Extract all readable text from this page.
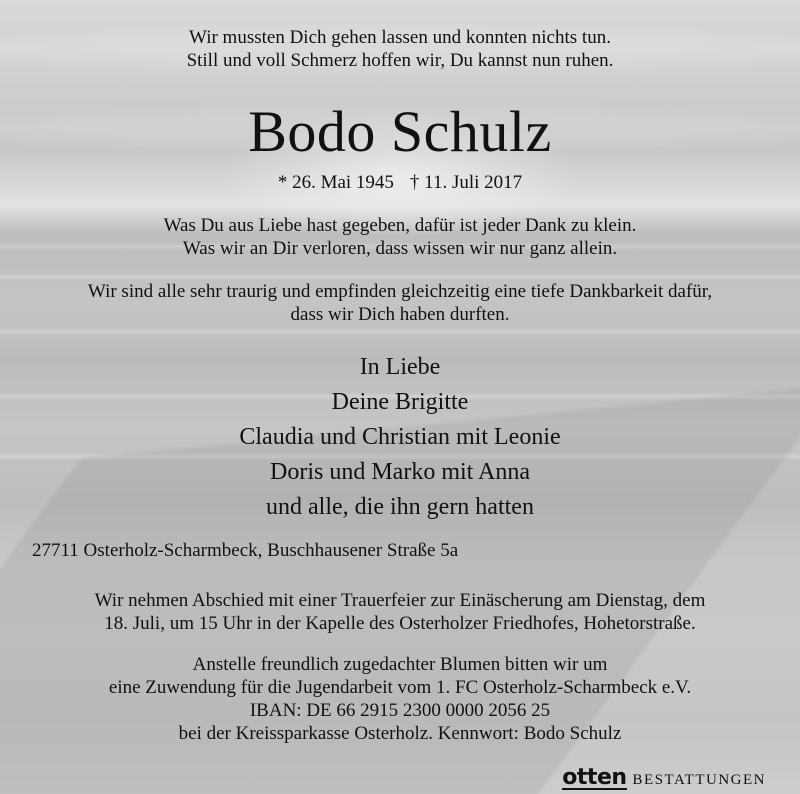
Wir mussten Dich gehen lassen und konnten nichts tun.
Still und voll Schmerz hoffen wir, Du kannst nun ruhen.
Bodo Schulz
* 26. Mai 1945 † 11. Juli 2017
Was Du aus Liebe hast gegeben, dafür ist jeder Dank zu klein.
Was wir an Dir verloren, dass wissen wir nur ganz allein.
Wir sind alle sehr traurig und empfinden gleichzeitig eine tiefe Dankbarkeit dafür,
dass wir Dich haben durften.
In Liebe
Deine Brigitte
Claudia und Christian mit Leonie
Doris und Marko mit Anna
und alle, die ihn gern hatten
27711 Osterholz-Scharmbeck, Buschhausener Straße 5a
Wir nehmen Abschied mit einer Trauerfeier zur Einäscherung am Dienstag, dem
18. Juli, um 15 Uhr in der Kapelle des Osterholzer Friedhofes, Hohetorstraße.
Anstelle freundlich zugedachter Blumen bitten wir um
eine Zuwendung für die Jugendarbeit vom 1. FC Osterholz-Scharmbeck e.V.
IBAN: DE 66 2915 2300 0000 2056 25
bei der Kreissparkasse Osterholz. Kennwort: Bodo Schulz
otten BESTATTUNGEN
